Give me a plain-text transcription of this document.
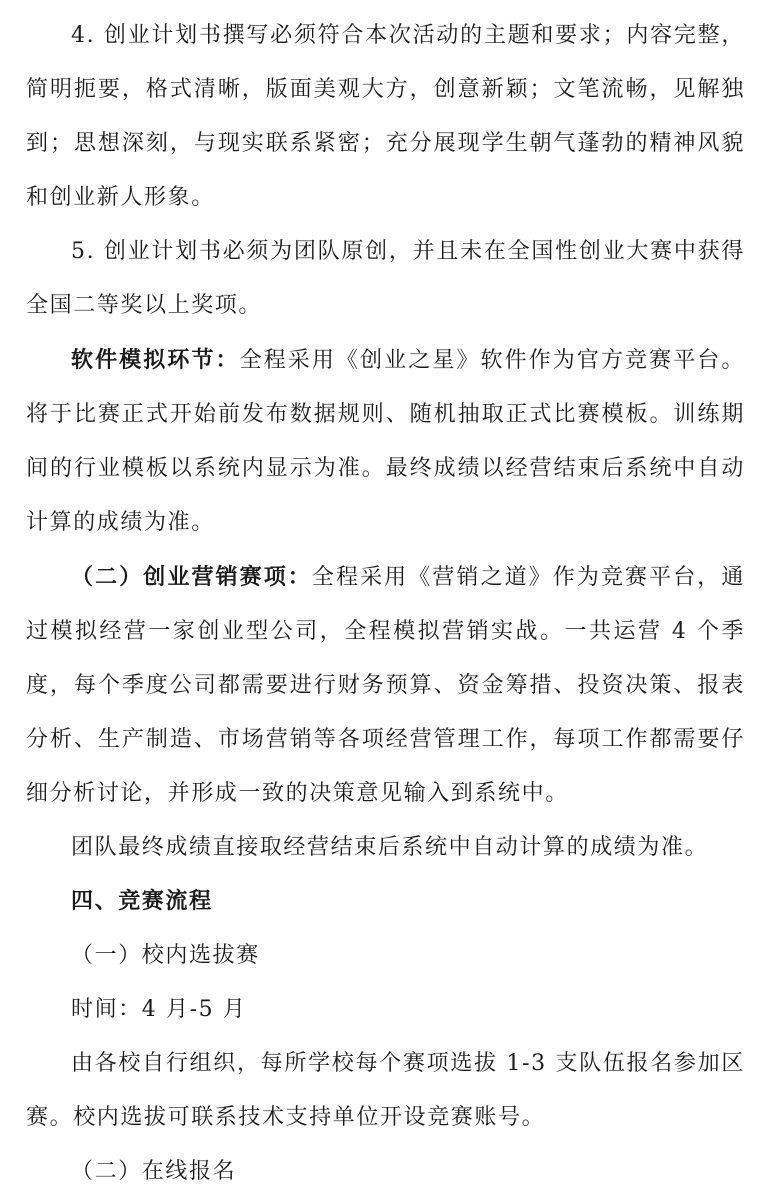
4. 创业计划书撰写必须符合本次活动的主题和要求；内容完整，简明扼要，格式清晰，版面美观大方，创意新颖；文笔流畅，见解独到；思想深刻，与现实联系紧密；充分展现学生朝气蓬勃的精神风貌和创业新人形象。

5. 创业计划书必须为团队原创，并且未在全国性创业大赛中获得全国二等奖以上奖项。

软件模拟环节：全程采用《创业之星》软件作为官方竞赛平台。将于比赛正式开始前发布数据规则、随机抽取正式比赛模板。训练期间的行业模板以系统内显示为准。最终成绩以经营结束后系统中自动计算的成绩为准。

（二）创业营销赛项：全程采用《营销之道》作为竞赛平台，通过模拟经营一家创业型公司，全程模拟营销实战。一共运营 4 个季度，每个季度公司都需要进行财务预算、资金筹措、投资决策、报表分析、生产制造、市场营销等各项经营管理工作，每项工作都需要仔细分析讨论，并形成一致的决策意见输入到系统中。

团队最终成绩直接取经营结束后系统中自动计算的成绩为准。

四、竞赛流程

（一）校内选拔赛

时间：4 月-5 月

由各校自行组织，每所学校每个赛项选拔 1-3 支队伍报名参加区赛。校内选拔可联系技术支持单位开设竞赛账号。

（二）在线报名
